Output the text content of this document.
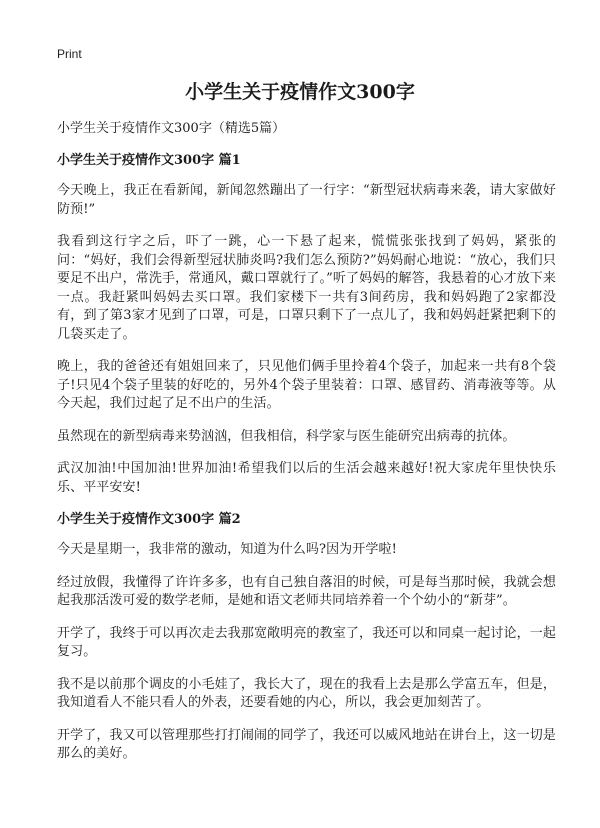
Print
小学生关于疫情作文300字

小学生关于疫情作文300字（精选5篇）

小学生关于疫情作文300字 篇1

今天晚上，我正在看新闻，新闻忽然蹦出了一行字：“新型冠状病毒来袭，请大家做好防预!”

我看到这行字之后，吓了一跳，心一下悬了起来，慌慌张张找到了妈妈，紧张的问：“妈好，我们会得新型冠状肺炎吗?我们怎么预防?”妈妈耐心地说：“放心，我们只要足不出户，常洗手，常通风，戴口罩就行了。”听了妈妈的解答，我悬着的心才放下来一点。我赶紧叫妈妈去买口罩。我们家楼下一共有3间药房，我和妈妈跑了2家都没有，到了第3家才见到了口罩，可是，口罩只剩下了一点儿了，我和妈妈赶紧把剩下的几袋买走了。

晚上，我的爸爸还有姐姐回来了，只见他们俩手里拎着4个袋子，加起来一共有8个袋子!只见4个袋子里装的好吃的，另外4个袋子里装着：口罩、感冒药、消毒液等等。从今天起，我们过起了足不出户的生活。

虽然现在的新型病毒来势汹汹，但我相信，科学家与医生能研究出病毒的抗体。

武汉加油!中国加油!世界加油!希望我们以后的生活会越来越好!祝大家虎年里快快乐乐、平平安安!

小学生关于疫情作文300字 篇2

今天是星期一，我非常的激动，知道为什么吗?因为开学啦!

经过放假，我懂得了许许多多，也有自己独自落泪的时候，可是每当那时候，我就会想起我那活泼可爱的数学老师，是她和语文老师共同培养着一个个幼小的“新芽”。

开学了，我终于可以再次走去我那宽敞明亮的教室了，我还可以和同桌一起讨论，一起复习。

我不是以前那个调皮的小毛娃了，我长大了，现在的我看上去是那么学富五车，但是，我知道看人不能只看人的外表，还要看她的内心，所以，我会更加刻苦了。

开学了，我又可以管理那些打打闹闹的同学了，我还可以威风地站在讲台上，这一切是那么的美好。
